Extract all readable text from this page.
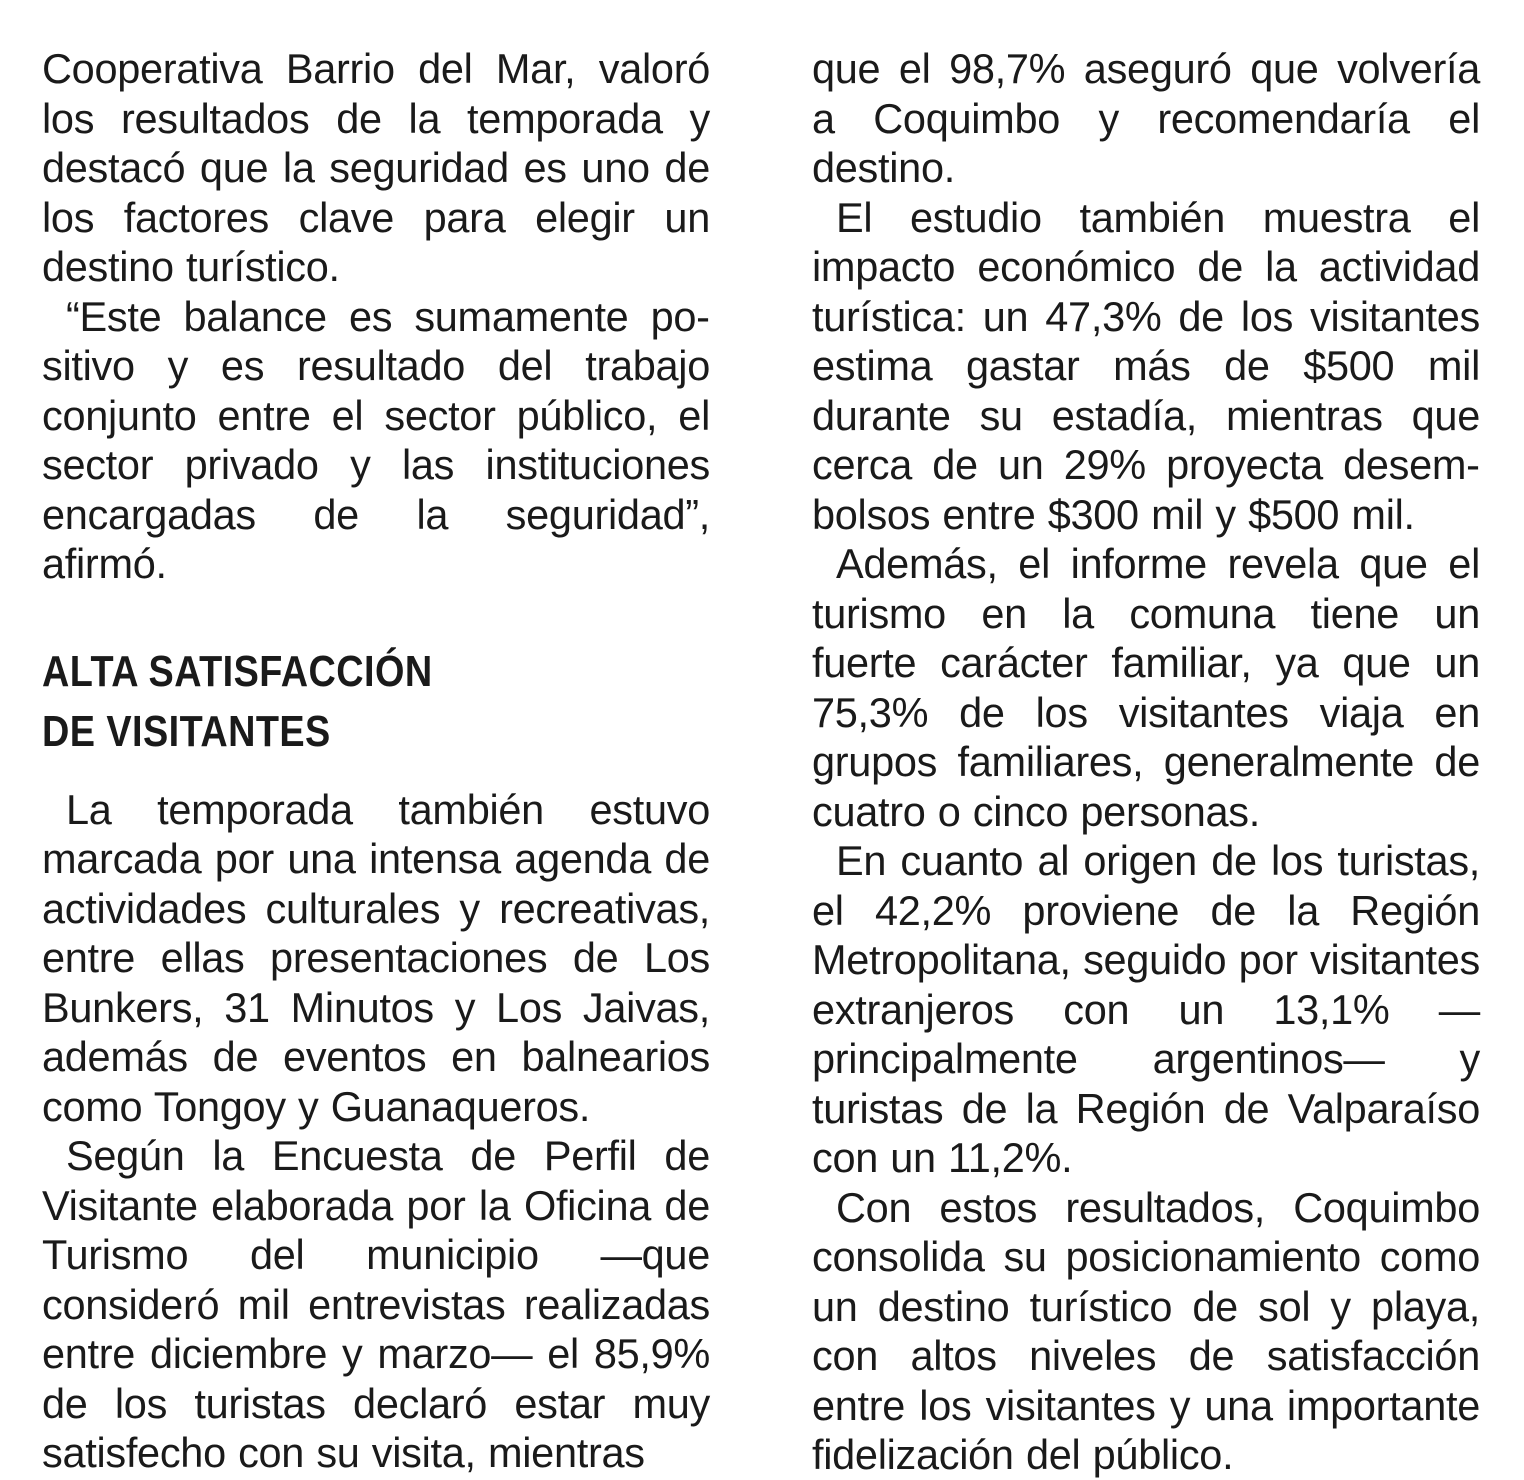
Cooperativa Barrio del Mar, valoró los resultados de la temporada y destacó que la seguridad es uno de los factores clave para elegir un destino turístico.

“Este balance es sumamente positivo y es resultado del trabajo conjunto entre el sector público, el sector privado y las instituciones encargadas de la seguridad”, afirmó.

ALTA SATISFACCIÓN
DE VISITANTES

La temporada también estuvo marcada por una intensa agenda de actividades culturales y recreativas, entre ellas presentaciones de Los Bunkers, 31 Minutos y Los Jaivas, además de eventos en balnearios como Tongoy y Guanaqueros.

Según la Encuesta de Perfil de Visitante elaborada por la Oficina de Turismo del municipio —que consideró mil entrevistas realizadas entre diciembre y marzo— el 85,9% de los turistas declaró estar muy satisfecho con su visita, mientras

que el 98,7% aseguró que volvería a Coquimbo y recomendaría el destino.

El estudio también muestra el impacto económico de la actividad turística: un 47,3% de los visitantes estima gastar más de $500 mil durante su estadía, mientras que cerca de un 29% proyecta desembolsos entre $300 mil y $500 mil.

Además, el informe revela que el turismo en la comuna tiene un fuerte carácter familiar, ya que un 75,3% de los visitantes viaja en grupos familiares, generalmente de cuatro o cinco personas.

En cuanto al origen de los turistas, el 42,2% proviene de la Región Metropolitana, seguido por visitantes extranjeros con un 13,1% —principalmente argentinos— y turistas de la Región de Valparaíso con un 11,2%.

Con estos resultados, Coquimbo consolida su posicionamiento como un destino turístico de sol y playa, con altos niveles de satisfacción entre los visitantes y una importante fidelización del público.
